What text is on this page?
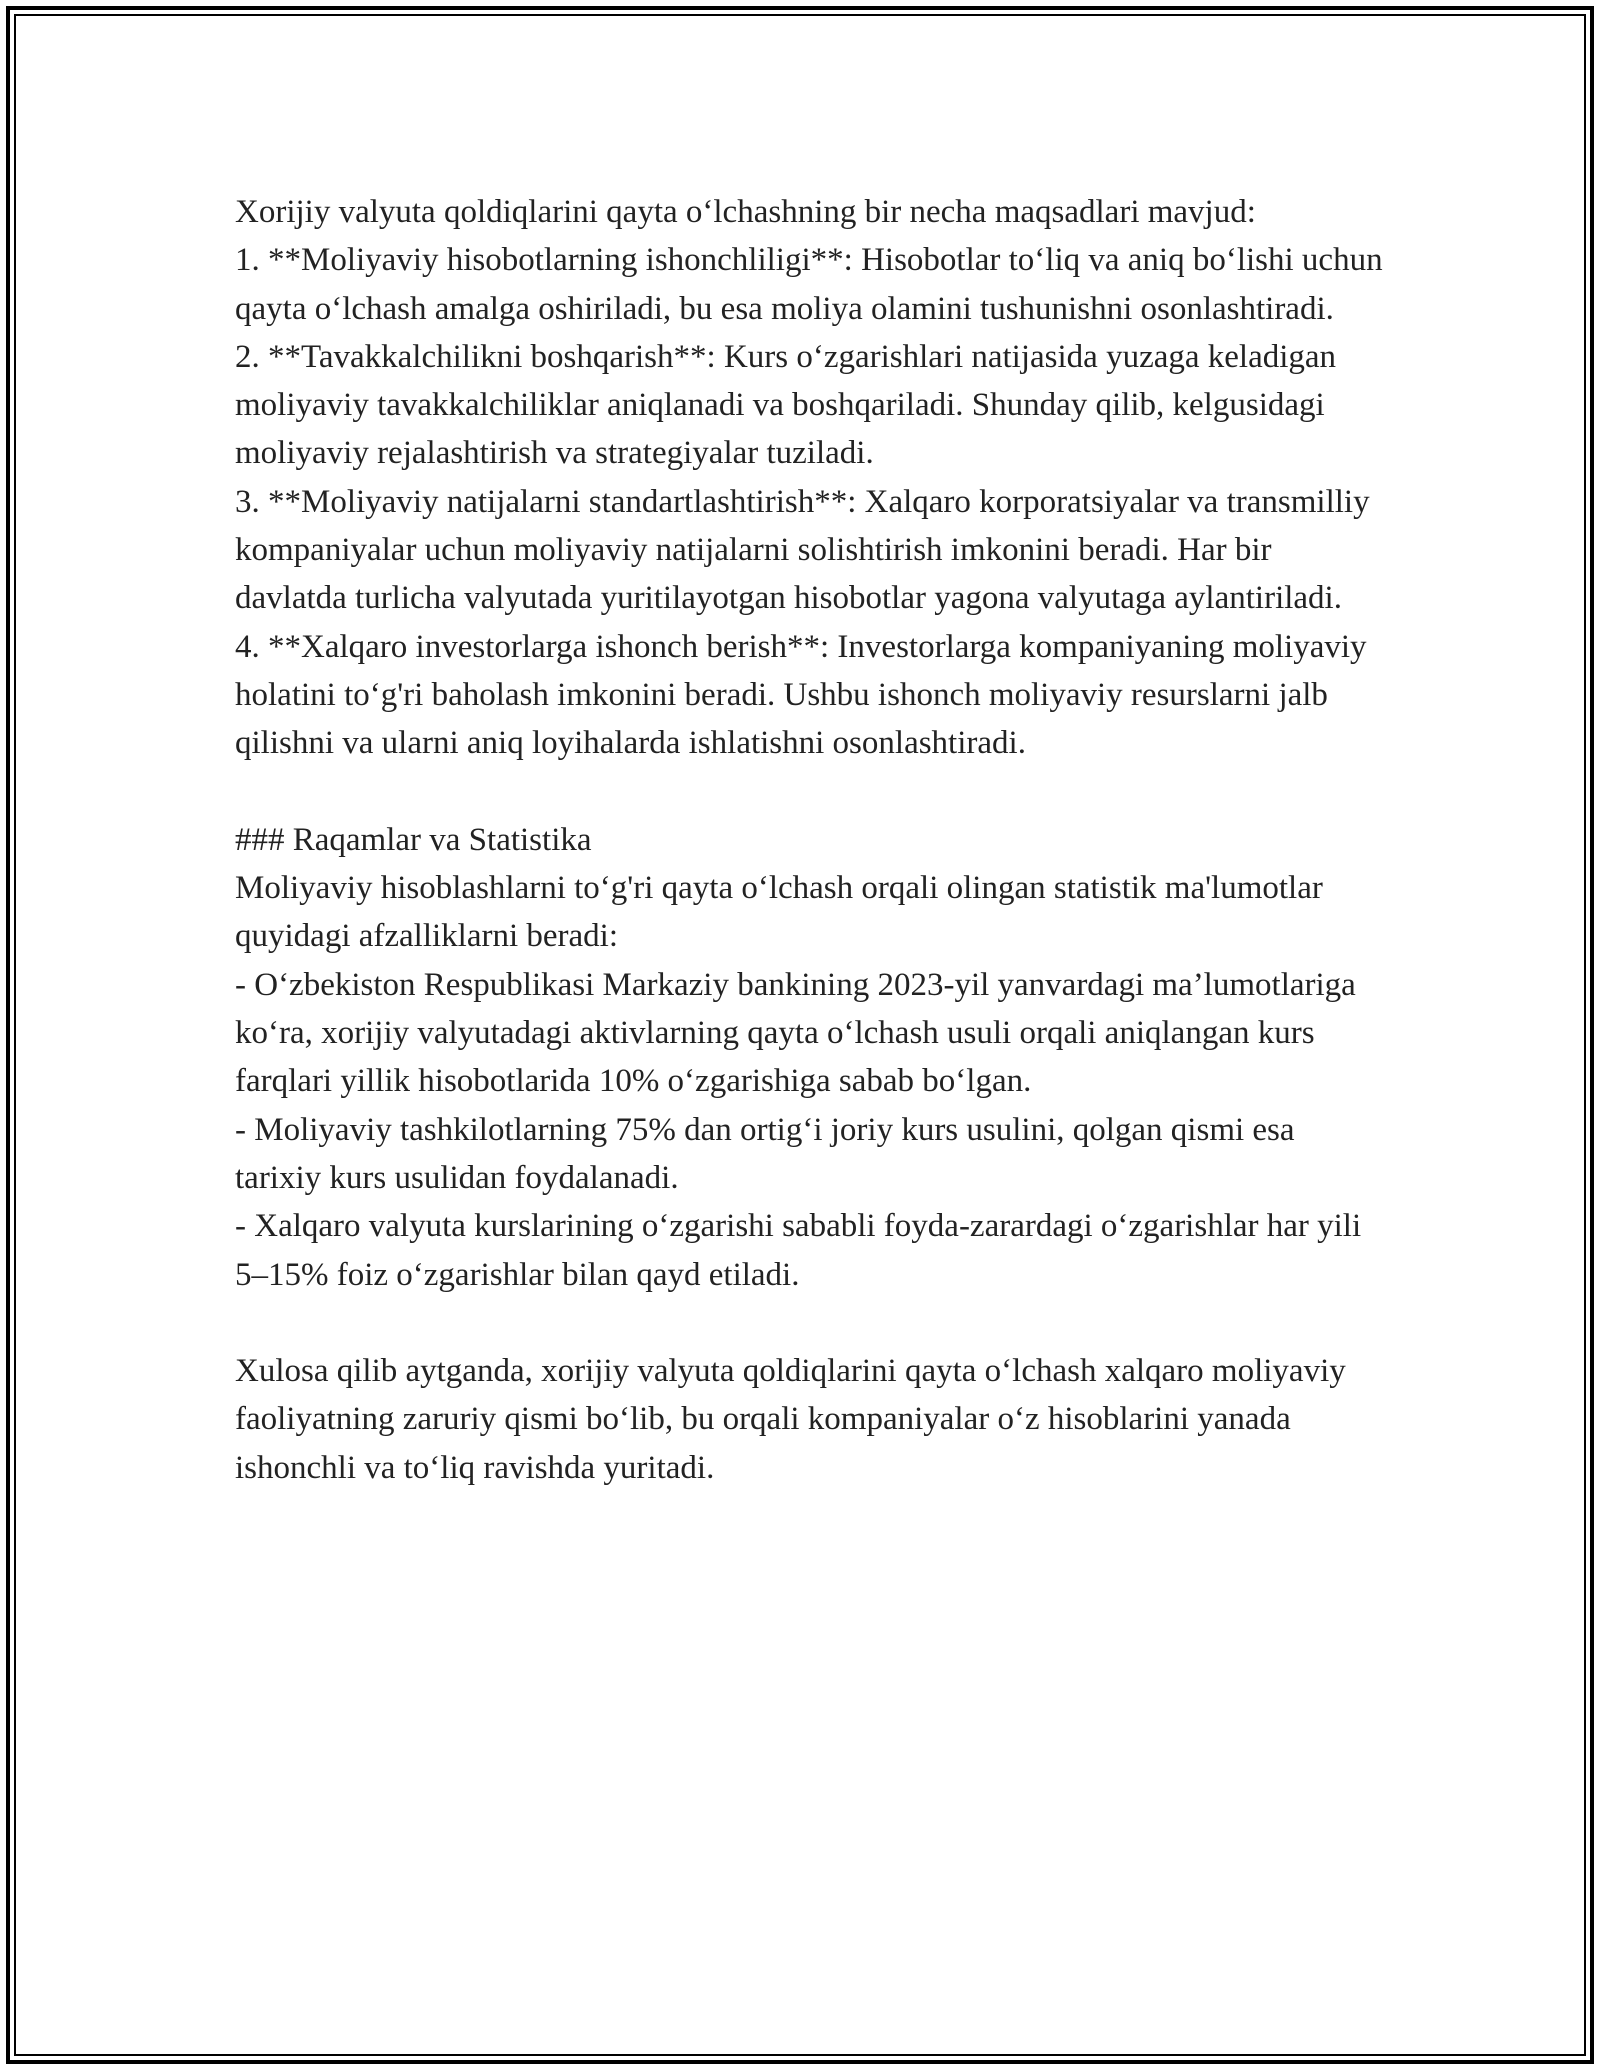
Xorijiy valyuta qoldiqlarini qayta o‘lchashning bir necha maqsadlari mavjud:

1. **Moliyaviy hisobotlarning ishonchliligi**: Hisobotlar to‘liq va aniq bo‘lishi uchun qayta o‘lchash amalga oshiriladi, bu esa moliya olamini tushunishni osonlashtiradi.

2. **Tavakkalchilikni boshqarish**: Kurs o‘zgarishlari natijasida yuzaga keladigan moliyaviy tavakkalchiliklar aniqlanadi va boshqariladi. Shunday qilib, kelgusidagi moliyaviy rejalashtirish va strategiyalar tuziladi.

3. **Moliyaviy natijalarni standartlashtirish**: Xalqaro korporatsiyalar va transmilliy kompaniyalar uchun moliyaviy natijalarni solishtirish imkonini beradi. Har bir davlatda turlicha valyutada yuritilayotgan hisobotlar yagona valyutaga aylantiriladi.

4. **Xalqaro investorlarga ishonch berish**: Investorlarga kompaniyaning moliyaviy holatini to‘g'ri baholash imkonini beradi. Ushbu ishonch moliyaviy resurslarni jalb qilishni va ularni aniq loyihalarda ishlatishni osonlashtiradi.

### Raqamlar va Statistika

Moliyaviy hisoblashlarni to‘g'ri qayta o‘lchash orqali olingan statistik ma'lumotlar quyidagi afzalliklarni beradi:

- O‘zbekiston Respublikasi Markaziy bankining 2023-yil yanvardagi ma’lumotlariga ko‘ra, xorijiy valyutadagi aktivlarning qayta o‘lchash usuli orqali aniqlangan kurs farqlari yillik hisobotlarida 10% o‘zgarishiga sabab bo‘lgan.

- Moliyaviy tashkilotlarning 75% dan ortig‘i joriy kurs usulini, qolgan qismi esa tarixiy kurs usulidan foydalanadi.

- Xalqaro valyuta kurslarining o‘zgarishi sababli foyda-zarardagi o‘zgarishlar har yili 5–15% foiz o‘zgarishlar bilan qayd etiladi.

Xulosa qilib aytganda, xorijiy valyuta qoldiqlarini qayta o‘lchash xalqaro moliyaviy faoliyatning zaruriy qismi bo‘lib, bu orqali kompaniyalar o‘z hisoblarini yanada ishonchli va to‘liq ravishda yuritadi.
